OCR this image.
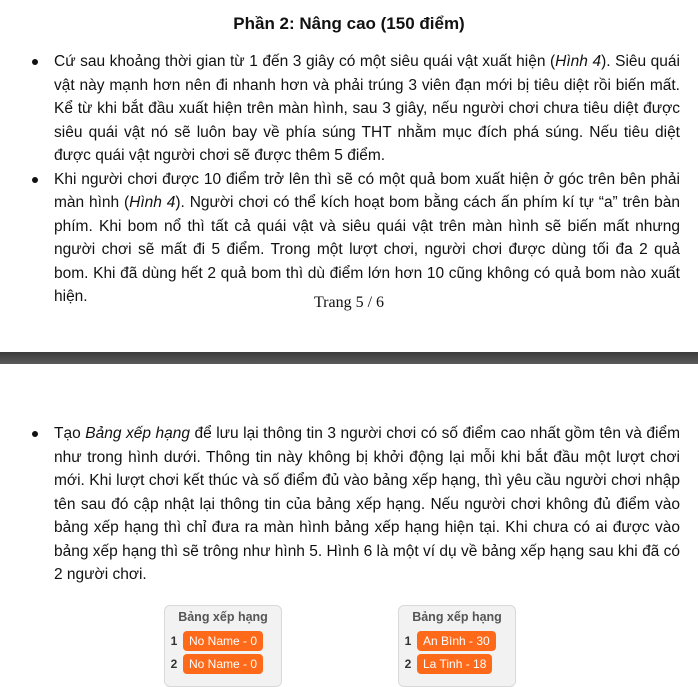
Phần 2: Nâng cao (150 điểm)
Cứ sau khoảng thời gian từ 1 đến 3 giây có một siêu quái vật xuất hiện (Hình 4). Siêu quái vật này mạnh hơn nên đi nhanh hơn và phải trúng 3 viên đạn mới bị tiêu diệt rồi biến mất. Kể từ khi bắt đầu xuất hiện trên màn hình, sau 3 giây, nếu người chơi chưa tiêu diệt được siêu quái vật nó sẽ luôn bay về phía súng THT nhằm mục đích phá súng. Nếu tiêu diệt được quái vật người chơi sẽ được thêm 5 điểm.
Khi người chơi được 10 điểm trở lên thì sẽ có một quả bom xuất hiện ở góc trên bên phải màn hình (Hình 4). Người chơi có thể kích hoạt bom bằng cách ấn phím kí tự “a” trên bàn phím. Khi bom nổ thì tất cả quái vật và siêu quái vật trên màn hình sẽ biến mất nhưng người chơi sẽ mất đi 5 điểm. Trong một lượt chơi, người chơi được dùng tối đa 2 quả bom. Khi đã dùng hết 2 quả bom thì dù điểm lớn hơn 10 cũng không có quả bom nào xuất hiện.	Trang 5 / 6
Tạo Bảng xếp hạng để lưu lại thông tin 3 người chơi có số điểm cao nhất gồm tên và điểm như trong hình dưới. Thông tin này không bị khởi động lại mỗi khi bắt đầu một lượt chơi mới. Khi lượt chơi kết thúc và số điểm đủ vào bảng xếp hạng, thì yêu cầu người chơi nhập tên sau đó cập nhật lại thông tin của bảng xếp hạng. Nếu người chơi không đủ điểm vào bảng xếp hạng thì chỉ đưa ra màn hình bảng xếp hạng hiện tại. Khi chưa có ai được vào bảng xếp hạng thì sẽ trông như hình 5. Hình 6 là một ví dụ về bảng xếp hạng sau khi đã có 2 người chơi.
Bảng xếp hạng
1 No Name - 0
2 No Name - 0
Bảng xếp hạng
1 An Bình - 30
2 La Tinh - 18
